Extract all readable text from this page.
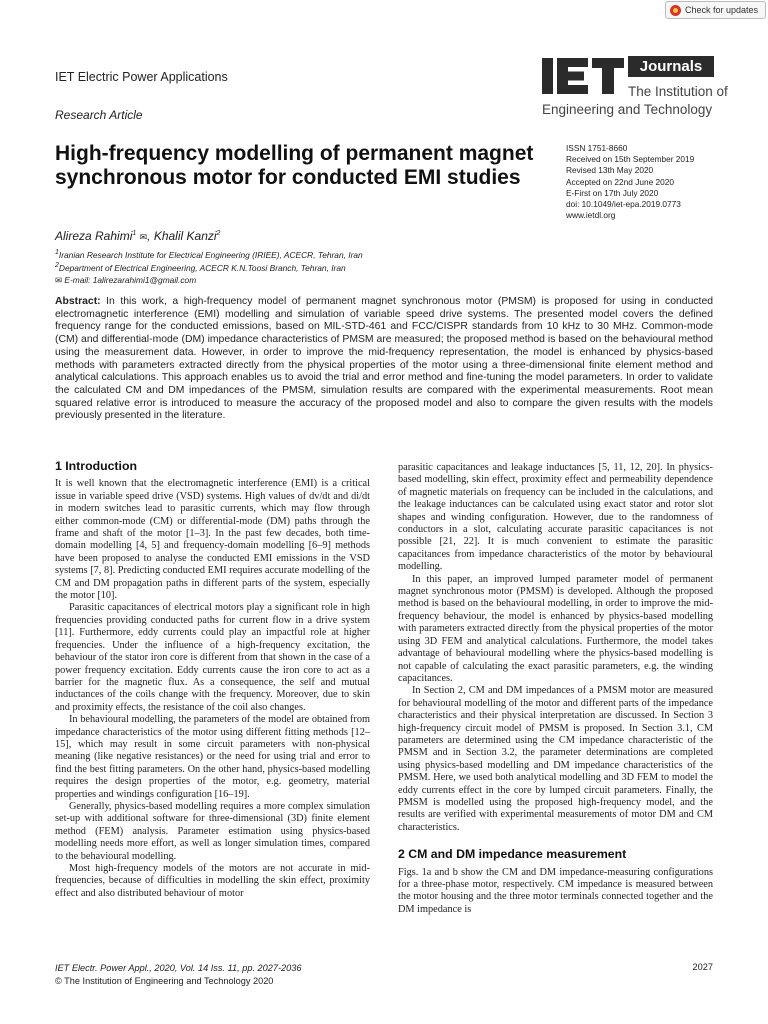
Check for updates
IET Electric Power Applications
Research Article
Journals
The Institution of
Engineering and Technology
High-frequency modelling of permanent magnet synchronous motor for conducted EMI studies
ISSN 1751-8660
Received on 15th September 2019
Revised 13th May 2020
Accepted on 22nd June 2020
E-First on 17th July 2020
doi: 10.1049/iet-epa.2019.0773
www.ietdl.org
Alireza Rahimi$^1$ ✉, Khalil Kanzi$^2$
$^1$Iranian Research Institute for Electrical Engineering (IRIEE), ACECR, Tehran, Iran
$^2$Department of Electrical Engineering, ACECR K.N.Toosi Branch, Tehran, Iran
✉ E-mail: 1alirezarahimi1@gmail.com
Abstract: In this work, a high-frequency model of permanent magnet synchronous motor (PMSM) is proposed for using in conducted electromagnetic interference (EMI) modelling and simulation of variable speed drive systems. The presented model covers the defined frequency range for the conducted emissions, based on MIL-STD-461 and FCC/CISPR standards from 10 kHz to 30 MHz. Common-mode (CM) and differential-mode (DM) impedance characteristics of PMSM are measured; the proposed method is based on the behavioural method using the measurement data. However, in order to improve the mid-frequency representation, the model is enhanced by physics-based methods with parameters extracted directly from the physical properties of the motor using a three-dimensional finite element method and analytical calculations. This approach enables us to avoid the trial and error method and fine-tuning the model parameters. In order to validate the calculated CM and DM impedances of the PMSM, simulation results are compared with the experimental measurements. Root mean squared relative error is introduced to measure the accuracy of the proposed model and also to compare the given results with the models previously presented in the literature.
1 Introduction

It is well known that the electromagnetic interference (EMI) is a critical issue in variable speed drive (VSD) systems. High values of dv/dt and di/dt in modern switches lead to parasitic currents, which may flow through either common-mode (CM) or differential-mode (DM) paths through the frame and shaft of the motor [1–3]. In the past few decades, both time-domain modelling [4, 5] and frequency-domain modelling [6–9] methods have been proposed to analyse the conducted EMI emissions in the VSD systems [7, 8]. Predicting conducted EMI requires accurate modelling of the CM and DM propagation paths in different parts of the system, especially the motor [10].

Parasitic capacitances of electrical motors play a significant role in high frequencies providing conducted paths for current flow in a drive system [11]. Furthermore, eddy currents could play an impactful role at higher frequencies. Under the influence of a high-frequency excitation, the behaviour of the stator iron core is different from that shown in the case of a power frequency excitation. Eddy currents cause the iron core to act as a barrier for the magnetic flux. As a consequence, the self and mutual inductances of the coils change with the frequency. Moreover, due to skin and proximity effects, the resistance of the coil also changes.

In behavioural modelling, the parameters of the model are obtained from impedance characteristics of the motor using different fitting methods [12–15], which may result in some circuit parameters with non-physical meaning (like negative resistances) or the need for using trial and error to find the best fitting parameters. On the other hand, physics-based modelling requires the design properties of the motor, e.g. geometry, material properties and windings configuration [16–19].

Generally, physics-based modelling requires a more complex simulation set-up with additional software for three-dimensional (3D) finite element method (FEM) analysis. Parameter estimation using physics-based modelling needs more effort, as well as longer simulation times, compared to the behavioural modelling.

Most high-frequency models of the motors are not accurate in mid-frequencies, because of difficulties in modelling the skin effect, proximity effect and also distributed behaviour of motor

parasitic capacitances and leakage inductances [5, 11, 12, 20]. In physics-based modelling, skin effect, proximity effect and permeability dependence of magnetic materials on frequency can be included in the calculations, and the leakage inductances can be calculated using exact stator and rotor slot shapes and winding configuration. However, due to the randomness of conductors in a slot, calculating accurate parasitic capacitances is not possible [21, 22]. It is much convenient to estimate the parasitic capacitances from impedance characteristics of the motor by behavioural modelling.

In this paper, an improved lumped parameter model of permanent magnet synchronous motor (PMSM) is developed. Although the proposed method is based on the behavioural modelling, in order to improve the mid-frequency behaviour, the model is enhanced by physics-based modelling with parameters extracted directly from the physical properties of the motor using 3D FEM and analytical calculations. Furthermore, the model takes advantage of behavioural modelling where the physics-based modelling is not capable of calculating the exact parasitic parameters, e.g. the winding capacitances.

In Section 2, CM and DM impedances of a PMSM motor are measured for behavioural modelling of the motor and different parts of the impedance characteristics and their physical interpretation are discussed. In Section 3 high-frequency circuit model of PMSM is proposed. In Section 3.1, CM parameters are determined using the CM impedance characteristic of the PMSM and in Section 3.2, the parameter determinations are completed using physics-based modelling and DM impedance characteristics of the PMSM. Here, we used both analytical modelling and 3D FEM to model the eddy currents effect in the core by lumped circuit parameters. Finally, the PMSM is modelled using the proposed high-frequency model, and the results are verified with experimental measurements of motor DM and CM characteristics.

2 CM and DM impedance measurement

Figs. 1a and b show the CM and DM impedance-measuring configurations for a three-phase motor, respectively. CM impedance is measured between the motor housing and the three motor terminals connected together and the DM impedance is

IET Electr. Power Appl., 2020, Vol. 14 Iss. 11, pp. 2027-2036
© The Institution of Engineering and Technology 2020
2027
